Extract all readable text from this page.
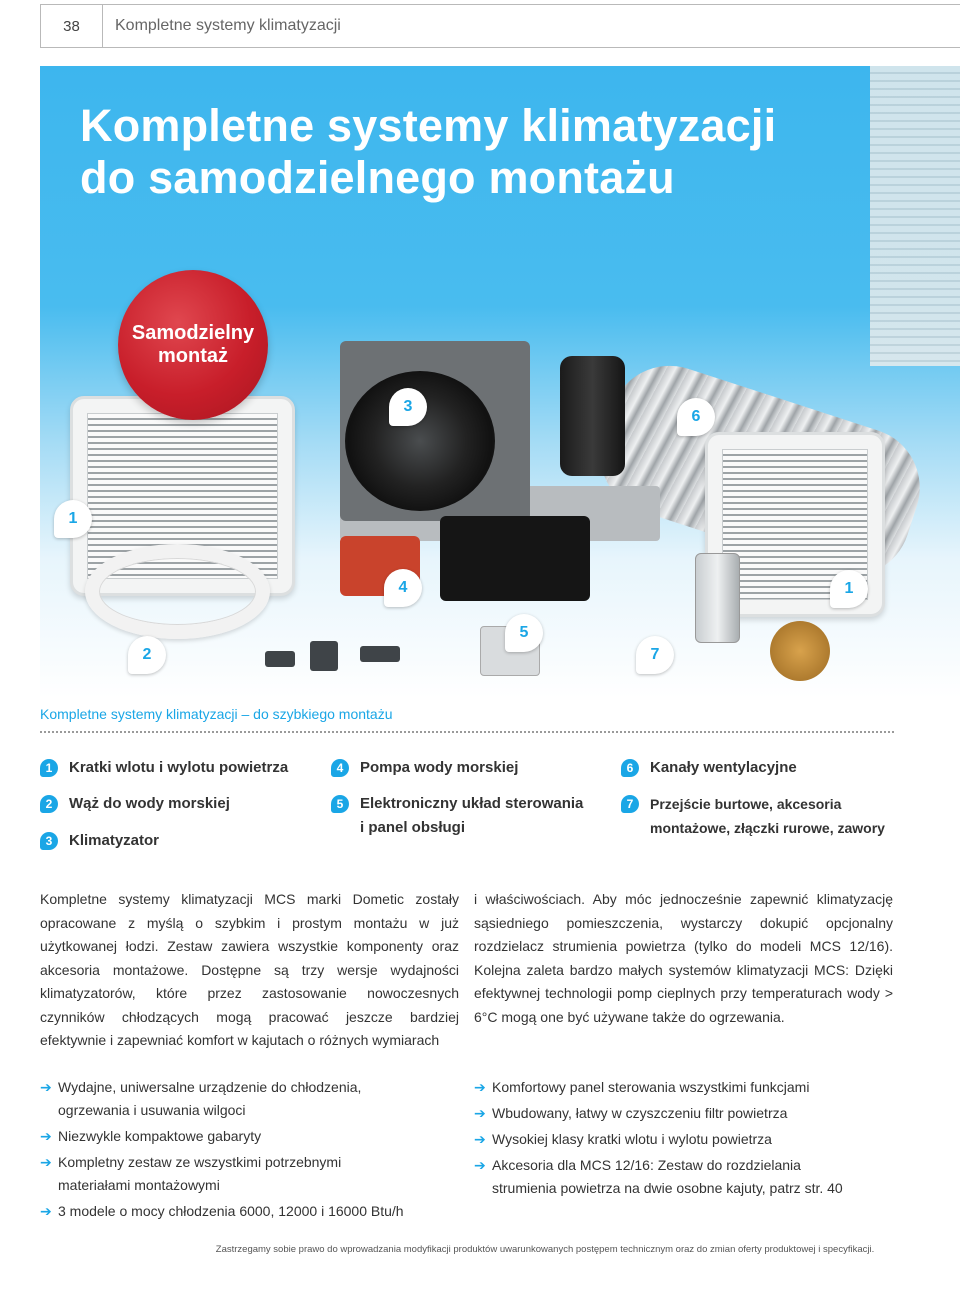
38	Kompletne systemy klimatyzacji
Kompletne systemy klimatyzacji
do samodzielnego montażu
Samodzielny
montaż
1
2
3
4
5
6
7
1
Kompletne systemy klimatyzacji – do szybkiego montażu
1	Kratki wlotu i wylotu powietrza
2	Wąż do wody morskiej
3	Klimatyzator
4	Pompa wody morskiej
5	Elektroniczny układ sterowania
i panel obsługi
6	Kanały wentylacyjne
7	Przejście burtowe, akcesoria
montażowe, złączki rurowe, zawory

Kompletne systemy klimatyzacji MCS marki Dometic zostały opracowane z myślą o szybkim i prostym montażu w już użytkowanej łodzi. Zestaw zawiera wszystkie komponenty oraz akcesoria montażowe. Dostępne są trzy wersje wydajności klimatyzatorów, które przez zastosowanie nowoczesnych czynników chłodzących mogą pracować jeszcze bardziej efektywnie i zapewniać komfort w kajutach o różnych wymiarach

i właściwościach. Aby móc jednocześnie zapewnić klimatyzację sąsiedniego pomieszczenia, wystarczy dokupić opcjonalny rozdzielacz strumienia powietrza (tylko do modeli MCS 12/16). Kolejna zaleta bardzo małych systemów klimatyzacji MCS: Dzięki efektywnej technologii pomp cieplnych przy temperaturach wody > 6°C mogą one być używane także do ogrzewania.

➔ Wydajne, uniwersalne urządzenie do chłodzenia,
ogrzewania i usuwania wilgoci
➔ Niezwykle kompaktowe gabaryty
➔ Kompletny zestaw ze wszystkimi potrzebnymi
materiałami montażowymi
➔ 3 modele o mocy chłodzenia 6000, 12000 i 16000 Btu/h
➔ Komfortowy panel sterowania wszystkimi funkcjami
➔ Wbudowany, łatwy w czyszczeniu filtr powietrza
➔ Wysokiej klasy kratki wlotu i wylotu powietrza
➔ Akcesoria dla MCS 12/16: Zestaw do rozdzielania
strumienia powietrza na dwie osobne kajuty, patrz str. 40
Zastrzegamy sobie prawo do wprowadzania modyfikacji produktów uwarunkowanych postępem technicznym oraz do zmian oferty produktowej i specyfikacji.
